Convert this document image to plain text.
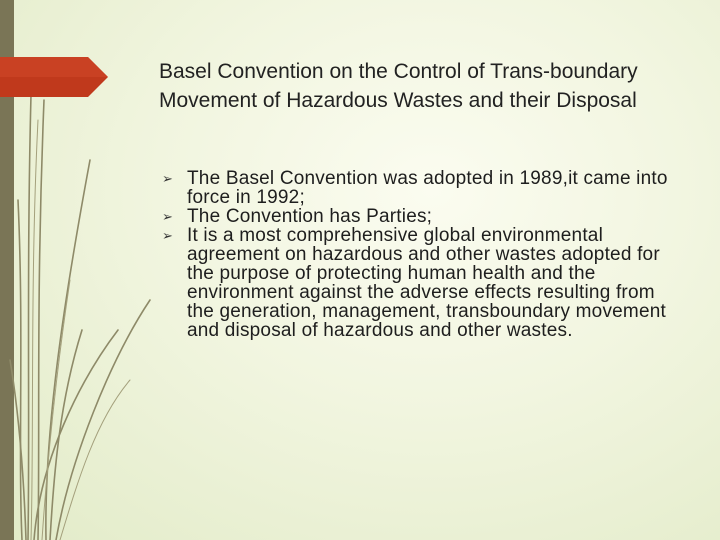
Basel Convention on the Control of Trans-boundary Movement of Hazardous Wastes and their Disposal
➢ The Basel Convention was adopted in 1989,it came into force in 1992;
➢ The Convention has Parties;
➢ It is a most comprehensive global environmental agreement on hazardous and other wastes adopted for the purpose of protecting human health and the environment against the adverse effects resulting from the generation, management, transboundary movement and disposal of hazardous and other wastes.
